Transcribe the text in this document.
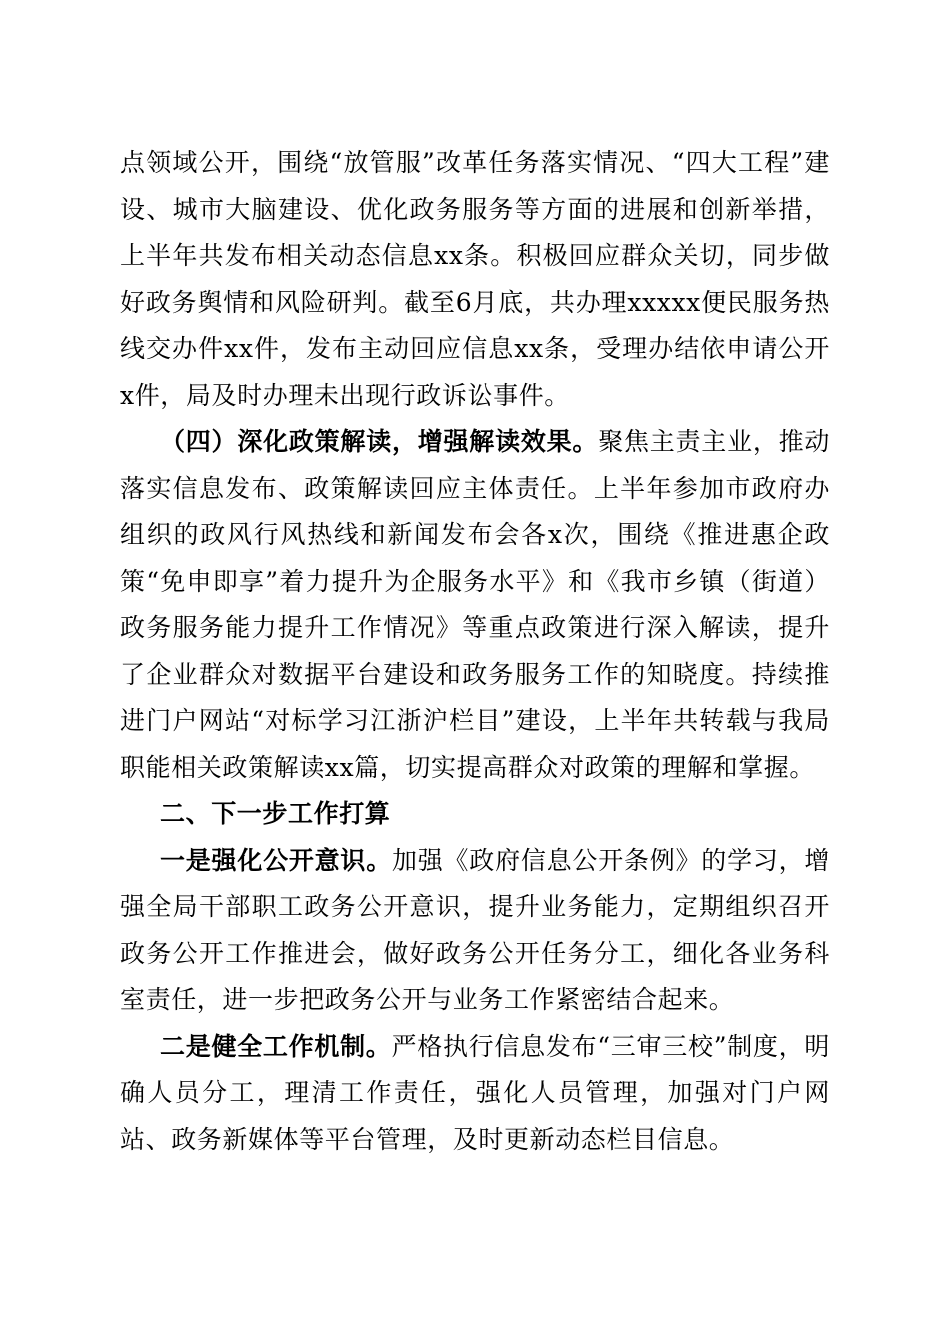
点领域公开，围绕“放管服”改革任务落实情况、“四大工程”建设、城市大脑建设、优化政务服务等方面的进展和创新举措，上半年共发布相关动态信息xx条。积极回应群众关切，同步做好政务舆情和风险研判。截至6月底，共办理xxxxx便民服务热线交办件xx件，发布主动回应信息xx条，受理办结依申请公开x件，局及时办理未出现行政诉讼事件。

（四）深化政策解读，增强解读效果。聚焦主责主业，推动落实信息发布、政策解读回应主体责任。上半年参加市政府办组织的政风行风热线和新闻发布会各x次，围绕《推进惠企政策“免申即享”着力提升为企服务水平》和《我市乡镇（街道）政务服务能力提升工作情况》等重点政策进行深入解读，提升了企业群众对数据平台建设和政务服务工作的知晓度。持续推进门户网站“对标学习江浙沪栏目”建设，上半年共转载与我局职能相关政策解读xx篇，切实提高群众对政策的理解和掌握。

二、下一步工作打算

一是强化公开意识。加强《政府信息公开条例》的学习，增强全局干部职工政务公开意识，提升业务能力，定期组织召开政务公开工作推进会，做好政务公开任务分工，细化各业务科室责任，进一步把政务公开与业务工作紧密结合起来。

二是健全工作机制。严格执行信息发布“三审三校”制度，明确人员分工，理清工作责任，强化人员管理，加强对门户网站、政务新媒体等平台管理，及时更新动态栏目信息。
